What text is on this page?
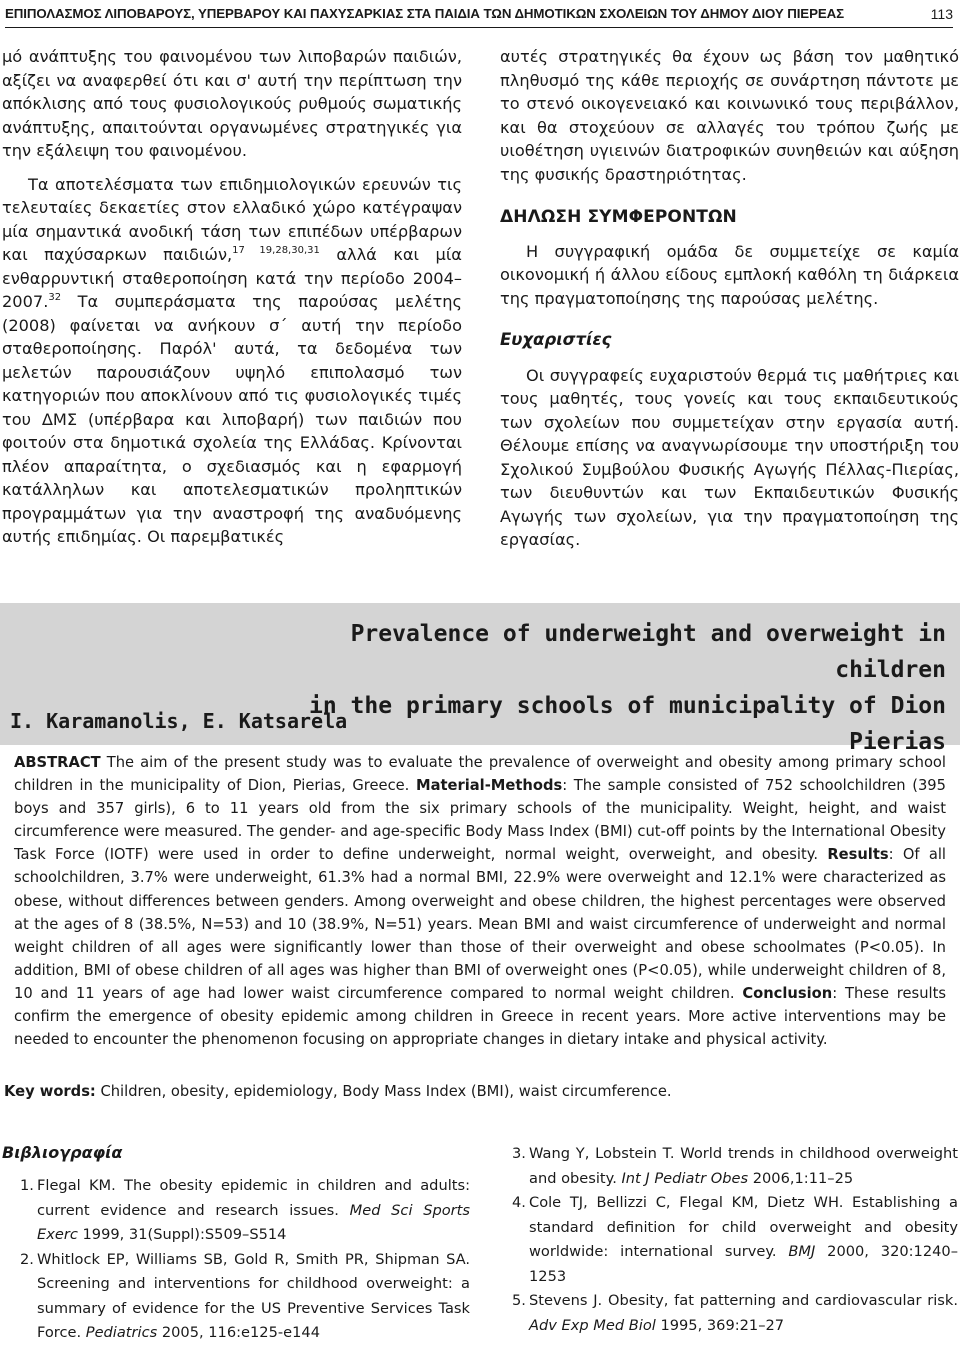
ΕΠΙΠΟΛΑΣΜΟΣ ΛΙΠΟΒΑΡΟΥΣ, ΥΠΕΡΒΑΡΟΥ ΚΑΙ ΠΑΧΥΣΑΡΚΙΑΣ ΣΤΑ ΠΑΙΔΙΑ ΤΩΝ ΔΗΜΟΤΙΚΩΝ ΣΧΟΛΕΙΩΝ ΤΟΥ ΔΗΜΟΥ ΔΙΟΥ ΠΙΕΡΕΑΣ	113

μό ανάπτυξης του φαινομένου των λιποβαρών παιδιών, αξίζει να αναφερθεί ότι και σ' αυτή την περίπτωση την απόκλισης από τους φυσιολογικούς ρυθμούς σωματικής ανάπτυξης, απαιτούνται οργανωμένες στρατηγικές για την εξάλειψη του φαινομένου.

Τα αποτελέσματα των επιδημιολογικών ερευνών τις τελευταίες δεκαετίες στον ελλαδικό χώρο κατέγραψαν μία σημαντικά ανοδική τάση των επιπέδων υπέρβαρων και παχύσαρκων παιδιών,$^{17 19,28,30,31}$ αλλά και μία ενθαρρυντική σταθεροποίηση κατά την περίοδο 2004–2007.32 Τα συμπεράσματα της παρούσας μελέτης (2008) φαίνεται να ανήκουν σ΄ αυτή την περίοδο σταθεροποίησης. Παρόλ' αυτά, τα δεδομένα των μελετών παρουσιάζουν υψηλό επιπολασμό των κατηγοριών που αποκλίνουν από τις φυσιολογικές τιμές του ΔΜΣ (υπέρβαρα και λιποβαρή) των παιδιών που φοιτούν στα δημοτικά σχολεία της Ελλάδας. Κρίνονται πλέον απαραίτητα, ο σχεδιασμός και η εφαρμογή κατάλληλων και αποτελεσματικών προληπτικών προγραμμάτων για την αναστροφή της αναδυόμενης αυτής επιδημίας. Οι παρεμβατικές

αυτές στρατηγικές θα έχουν ως βάση τον μαθητικό πληθυσμό της κάθε περιοχής σε συνάρτηση πάντοτε με το στενό οικογενειακό και κοινωνικό τους περιβάλλον, και θα στοχεύουν σε αλλαγές του τρόπου ζωής με υιοθέτηση υγιεινών διατροφικών συνηθειών και αύξηση της φυσικής δραστηριότητας.

ΔΗΛΩΣΗ ΣΥΜΦΕΡΟΝΤΩΝ

Η συγγραφική ομάδα δε συμμετείχε σε καμία οικονομική ή άλλου είδους εμπλοκή καθόλη τη διάρκεια της πραγματοποίησης της παρούσας μελέτης.

Ευχαριστίες

Οι συγγραφείς ευχαριστούν θερμά τις μαθήτριες και τους μαθητές, τους γονείς και τους εκπαιδευτικούς των σχολείων που συμμετείχαν στην εργασία αυτή. Θέλουμε επίσης να αναγνωρίσουμε την υποστήριξη του Σχολικού Συμβούλου Φυσικής Αγωγής Πέλλας-Πιερίας, των διευθυντών και των Εκπαιδευτικών Φυσικής Αγωγής των σχολείων, για την πραγματοποίηση της εργασίας.

Prevalence of underweight and overweight in children
in the primary schools of municipality of Dion Pierias
I. Karamanolis, E. Katsarela
ABSTRACT The aim of the present study was to evaluate the prevalence of overweight and obesity among primary school children in the municipality of Dion, Pierias, Greece. Material-Methods: The sample consisted of 752 schoolchildren (395 boys and 357 girls), 6 to 11 years old from the six primary schools of the municipality. Weight, height, and waist circumference were measured. The gender- and age-specific Body Mass Index (BMI) cut-off points by the International Obesity Task Force (IOTF) were used in order to define underweight, normal weight, overweight, and obesity. Results: Of all schoolchildren, 3.7% were underweight, 61.3% had a normal BMI, 22.9% were overweight and 12.1% were characterized as obese, without differences between genders. Among overweight and obese children, the highest percentages were observed at the ages of 8 (38.5%, N=53) and 10 (38.9%, N=51) years. Mean BMI and waist circumference of underweight and normal weight children of all ages were significantly lower than those of their overweight and obese schoolmates (P<0.05). In addition, BMI of obese children of all ages was higher than BMI of overweight ones (P<0.05), while underweight children of 8, 10 and 11 years of age had lower waist circumference compared to normal weight children. Conclusion: These results confirm the emergence of obesity epidemic among children in Greece in recent years. More active interventions may be needed to encounter the phenomenon focusing on appropriate changes in dietary intake and physical activity.
Key words: Children, obesity, epidemiology, Body Mass Index (BMI), waist circumference.
Βιβλιογραφία
1. Flegal KM. The obesity epidemic in children and adults: current evidence and research issues. Med Sci Sports Exerc 1999, 31(Suppl):S509–S514
2. Whitlock EP, Williams SB, Gold R, Smith PR, Shipman SA. Screening and interventions for childhood overweight: a summary of evidence for the US Preventive Services Task Force. Pediatrics 2005, 116:e125-e144
3. Wang Y, Lobstein T. World trends in childhood overweight and obesity. Int J Pediatr Obes 2006,1:11–25
4. Cole TJ, Bellizzi C, Flegal KM, Dietz WH. Establishing a standard definition for child overweight and obesity worldwide: international survey. BMJ 2000, 320:1240–1253
5. Stevens J. Obesity, fat patterning and cardiovascular risk. Adv Exp Med Biol 1995, 369:21–27
